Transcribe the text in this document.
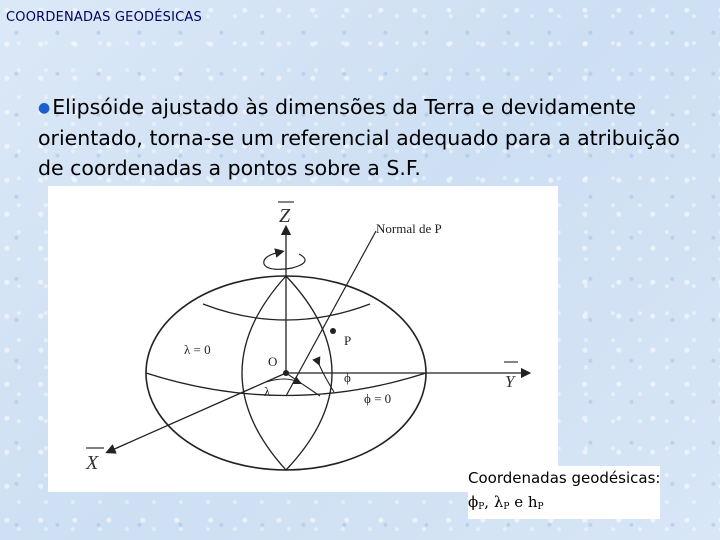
COORDENADAS GEODÉSICAS
●Elipsóide ajustado às dimensões da Terra e devidamente orientado, torna-se um referencial adequado para a atribuição de coordenadas a pontos sobre a S.F.
Z
Y
X
Normal de P
P
O
λ = 0
λ
ϕ
ϕ = 0
Coordenadas geodésicas:
$\phi_P$, $\lambda_P$ e $h_P$
